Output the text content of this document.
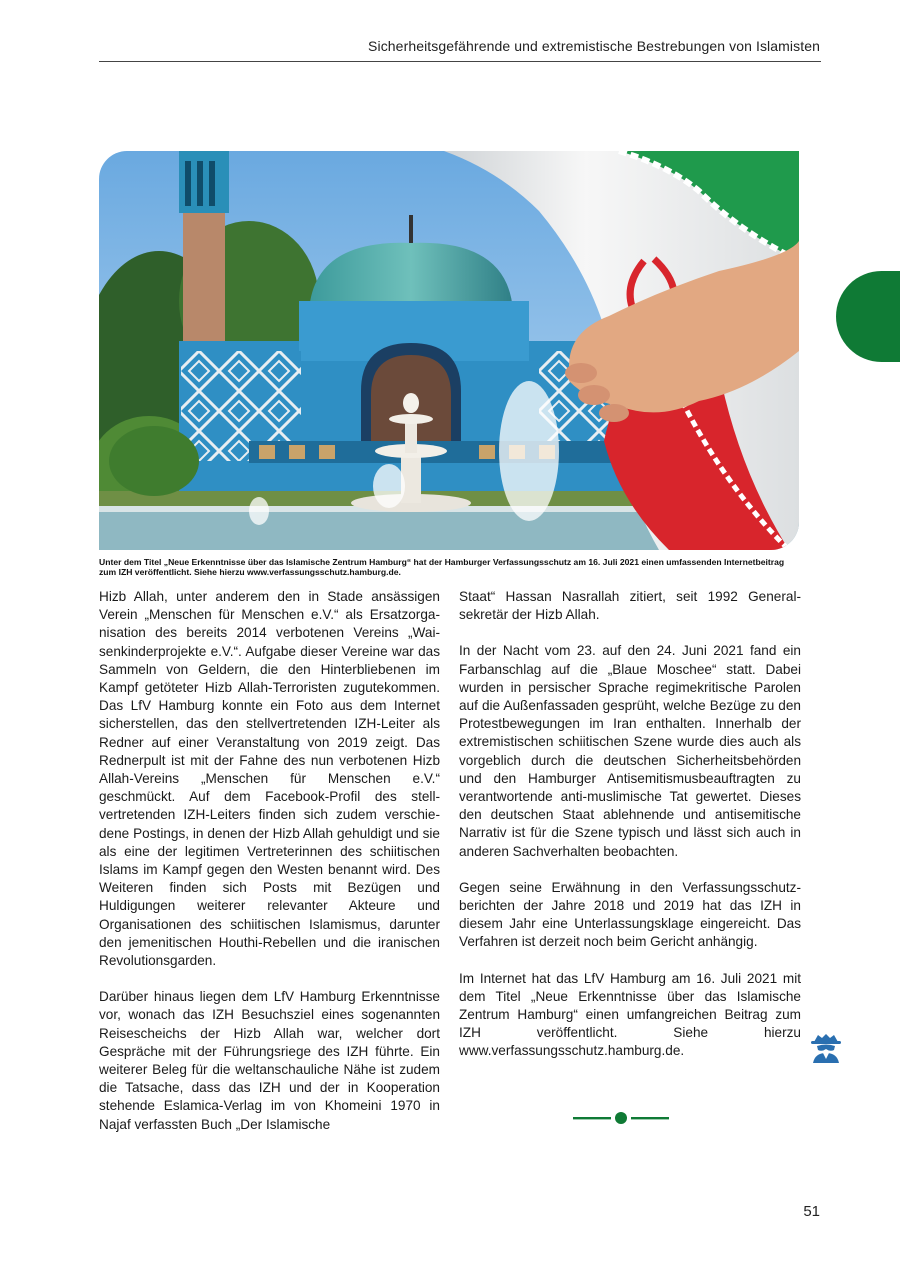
Sicherheitsgefährende und extremistische Bestrebungen von Islamisten
Unter dem Titel „Neue Erkenntnisse über das Islamische Zentrum Hamburg“ hat der Hamburger Verfassungsschutz am 16. Juli 2021 einen umfassenden Internetbeitrag zum IZH veröffentlicht. Siehe hierzu www.verfassungsschutz.hamburg.de.

Hizb Allah, unter anderem den in Stade ansässigen Verein „Menschen für Menschen e.V.“ als Ersatzorganisation des bereits 2014 verbotenen Vereins „Waisenkinderprojekte e.V.“. Aufgabe dieser Vereine war das Sammeln von Geldern, die den Hinterbliebenen im Kampf getöteter Hizb Allah-Terroristen zugutekommen. Das LfV Hamburg konnte ein Foto aus dem Internet sicherstellen, das den stellvertretenden IZH-Leiter als Redner auf einer Veranstaltung von 2019 zeigt. Das Rednerpult ist mit der Fahne des nun verbotenen Hizb Allah-Vereins „Menschen für Menschen e.V.“ geschmückt. Auf dem Facebook-Profil des stellvertretenden IZH-Leiters finden sich zudem verschiedene Postings, in denen der Hizb Allah gehuldigt und sie als eine der legitimen Vertreterinnen des schiitischen Islams im Kampf gegen den Westen benannt wird. Des Weiteren finden sich Posts mit Bezügen und Huldigungen weiterer relevanter Akteure und Organisationen des schiitischen Islamismus, darunter den jemenitischen Houthi-Rebellen und die iranischen Revolutionsgarden.

Darüber hinaus liegen dem LfV Hamburg Erkenntnisse vor, wonach das IZH Besuchsziel eines sogenannten Reisescheichs der Hizb Allah war, welcher dort Gespräche mit der Führungsriege des IZH führte. Ein weiterer Beleg für die weltanschauliche Nähe ist zudem die Tatsache, dass das IZH und der in Kooperation stehende Eslamica-Verlag im von Khomeini 1970 in Najaf verfassten Buch „Der Islamische

Staat“ Hassan Nasrallah zitiert, seit 1992 Generalsekretär der Hizb Allah.

In der Nacht vom 23. auf den 24. Juni 2021 fand ein Farbanschlag auf die „Blaue Moschee“ statt. Dabei wurden in persischer Sprache regimekritische Parolen auf die Außenfassaden gesprüht, welche Bezüge zu den Protestbewegungen im Iran enthalten. Innerhalb der extremistischen schiitischen Szene wurde dies auch als vorgeblich durch die deutschen Sicherheitsbehörden und den Hamburger Antisemitismusbeauftragten zu verantwortende anti-muslimische Tat gewertet. Dieses den deutschen Staat ablehnende und antisemitische Narrativ ist für die Szene typisch und lässt sich auch in anderen Sachverhalten beobachten.

Gegen seine Erwähnung in den Verfassungsschutzberichten der Jahre 2018 und 2019 hat das IZH in diesem Jahr eine Unterlassungsklage eingereicht. Das Verfahren ist derzeit noch beim Gericht anhängig.

Im Internet hat das LfV Hamburg am 16. Juli 2021 mit dem Titel „Neue Erkenntnisse über das Islamische Zentrum Hamburg“ einen umfangreichen Beitrag zum IZH veröffentlicht. Siehe hierzu www.verfassungsschutz.hamburg.de.

51
